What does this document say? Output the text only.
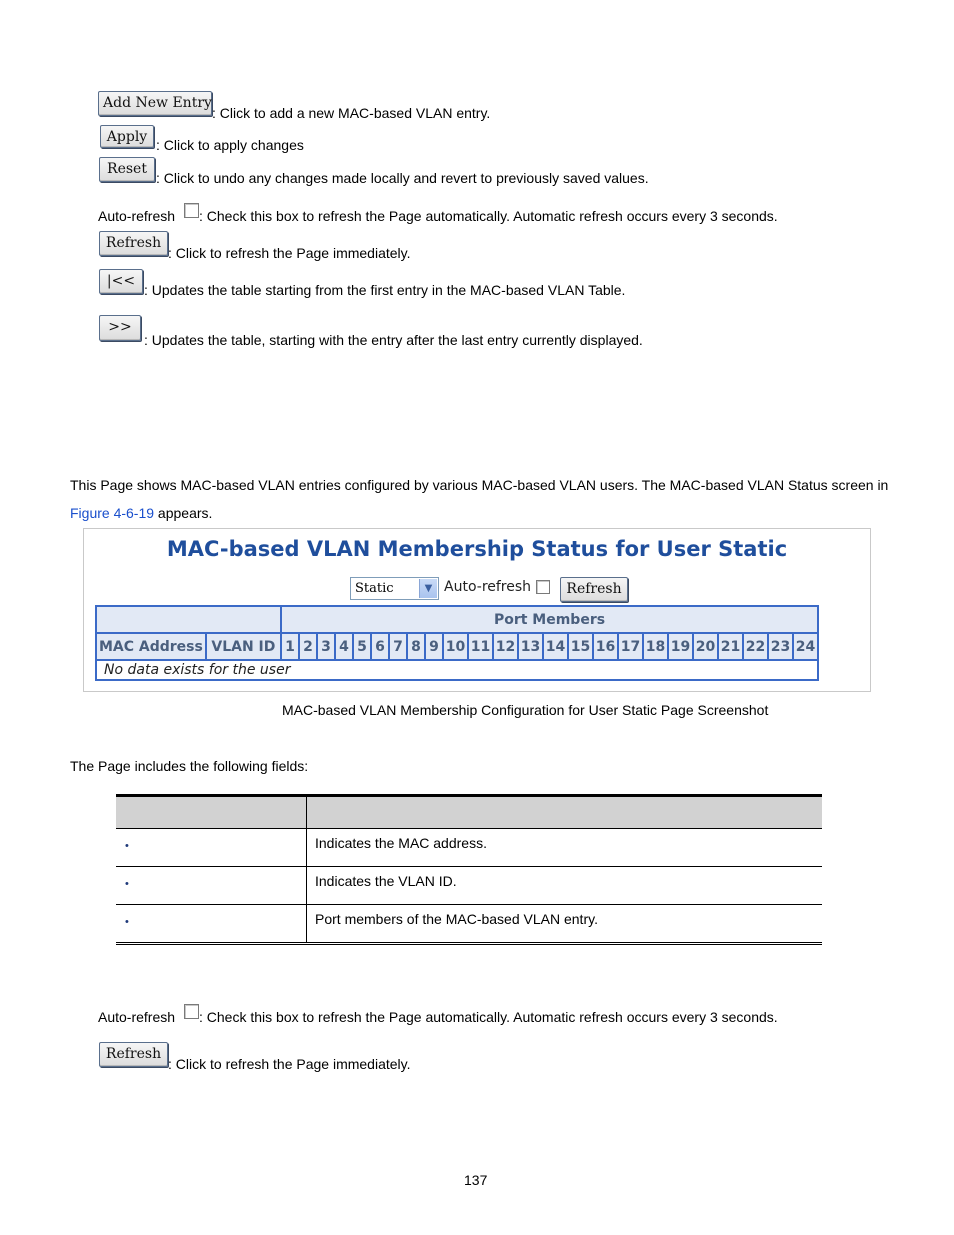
Add New Entry
: Click to add a new MAC-based VLAN entry.
Apply : Click to apply changes
Reset
: Click to undo any changes made locally and revert to previously saved values.
Auto-refresh : Check this box to refresh the Page automatically. Automatic refresh occurs every 3 seconds.
Refresh
: Click to refresh the Page immediately.
|<<
: Updates the table starting from the first entry in the MAC-based VLAN Table.
>>
: Updates the table, starting with the entry after the last entry currently displayed.
This Page shows MAC-based VLAN entries configured by various MAC-based VLAN users. The MAC-based VLAN Status screen in
Figure 4-6-19 appears.
MAC-based VLAN Membership Status for User Static
Static	▼ Auto-refresh	Refresh
		Port Members																							
MAC Address	VLAN ID	1	2	3	4	5	6	7	8	9	10	11	12	13	14	15	16	17	18	19	20	21	22	23	24
No data exists for the user																									
MAC-based VLAN Membership Configuration for User Static Page Screenshot
The Page includes the following fields:

•	Indicates the MAC address.

•	Indicates the VLAN ID.

•	Port members of the MAC-based VLAN entry.
Auto-refresh : Check this box to refresh the Page automatically. Automatic refresh occurs every 3 seconds.
Refresh
: Click to refresh the Page immediately.
137
